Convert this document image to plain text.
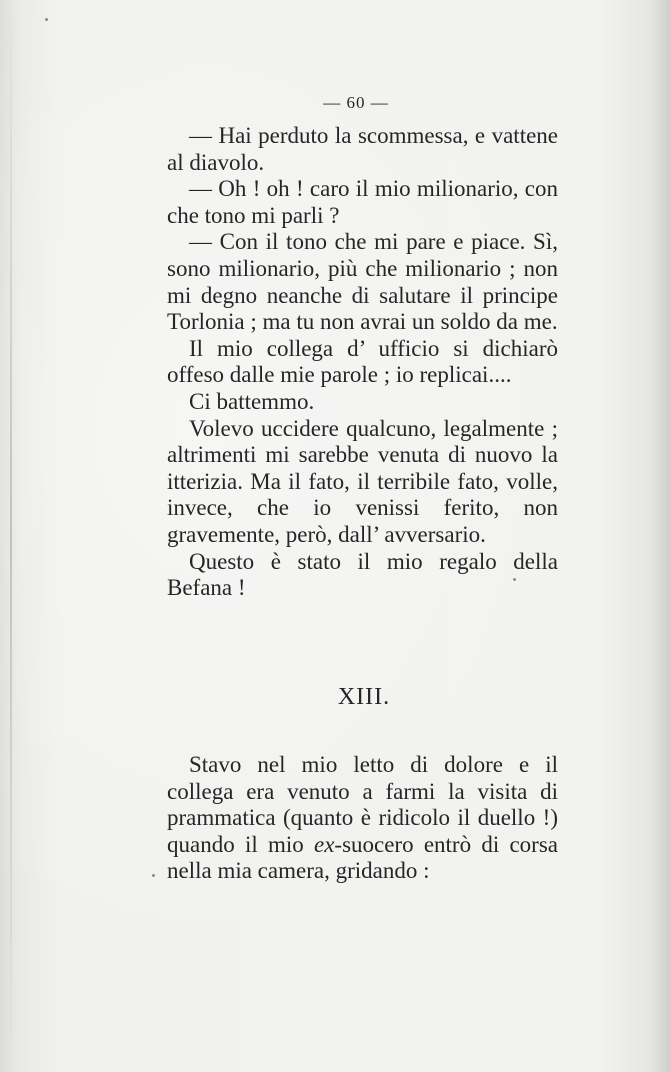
— 60 —

— Hai perduto la scommessa, e vattene al diavolo.

— Oh ! oh ! caro il mio milionario, con che tono mi parli ?

— Con il tono che mi pare e piace. Sì, sono milionario, più che milionario ; non mi degno neanche di salutare il principe Torlonia ; ma tu non avrai un soldo da me.

Il mio collega d’ ufficio si dichiarò offeso dalle mie parole ; io replicai....

Ci battemmo.

Volevo uccidere qualcuno, legalmente ; altrimenti mi sarebbe venuta di nuovo la itterizia. Ma il fato, il terribile fato, volle, invece, che io venissi ferito, non gravemente, però, dall’ avversario.

Questo è stato il mio regalo della Befana !

XIII.

Stavo nel mio letto di dolore e il collega era venuto a farmi la visita di prammatica (quanto è ridicolo il duello !) quando il mio ex-suocero entrò di corsa nella mia camera, gridando :
